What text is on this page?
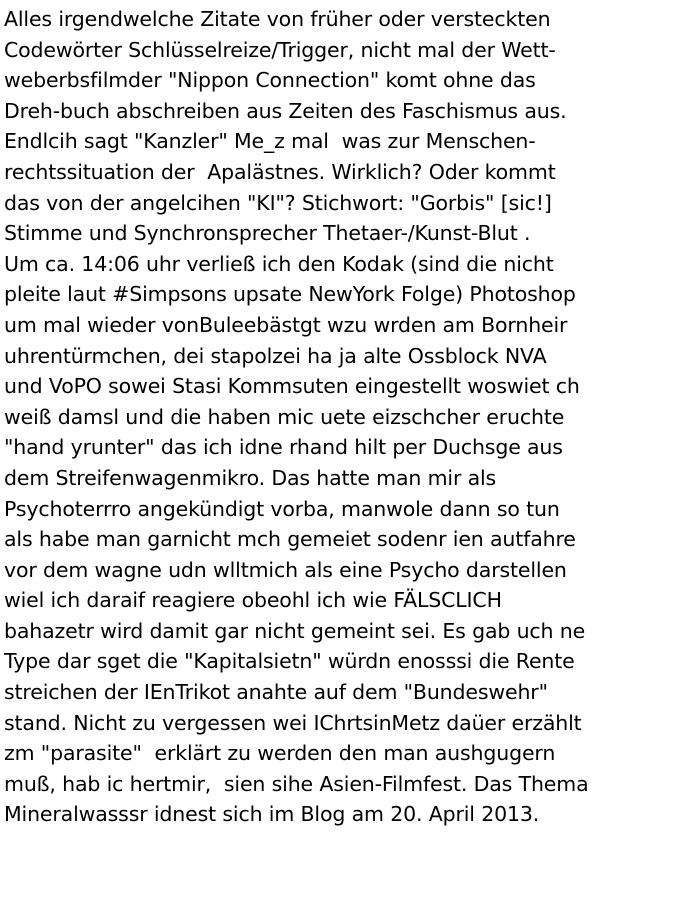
Alles irgendwelche Zitate von früher oder versteckten
Codewörter Schlüsselreize/Trigger, nicht mal der Wett-
weberbsfilmder "Nippon Connection" komt ohne das
Dreh-buch abschreiben aus Zeiten des Faschismus aus.
Endlcih sagt "Kanzler" Me_z mal  was zur Menschen-
rechtssituation der  Apalästnes. Wirklich? Oder kommt
das von der angelcihen "KI"? Stichwort: "Gorbis" [sic!]
Stimme und Synchronsprecher Thetaer-/Kunst-Blut .
Um ca. 14:06 uhr verließ ich den Kodak (sind die nicht
pleite laut #Simpsons upsate NewYork Folge) Photoshop
um mal wieder vonBuleebästgt wzu wrden am Bornheir
uhrentürmchen, dei stapolzei ha ja alte Ossblock NVA
und VoPO sowei Stasi Kommsuten eingestellt woswiet ch
weiß damsl und die haben mic uete eizschcher eruchte
"hand yrunter" das ich idne rhand hilt per Duchsge aus
dem Streifenwagenmikro. Das hatte man mir als
Psychoterrro angekündigt vorba, manwole dann so tun
als habe man garnicht mch gemeiet sodenr ien autfahre
vor dem wagne udn wlltmich als eine Psycho darstellen
wiel ich daraif reagiere obeohl ich wie FÄLSCLICH
bahazetr wird damit gar nicht gemeint sei. Es gab uch ne
Type dar sget die "Kapitalsietn" würdn enosssi die Rente
streichen der IEnTrikot anahte auf dem "Bundeswehr"
stand. Nicht zu vergessen wei IChrtsinMetz daüer erzählt
zm "parasite"  erklärt zu werden den man aushgugern
muß, hab ic hertmir,  sien sihe Asien-Filmfest. Das Thema
Mineralwasssr idnest sich im Blog am 20. April 2013.
